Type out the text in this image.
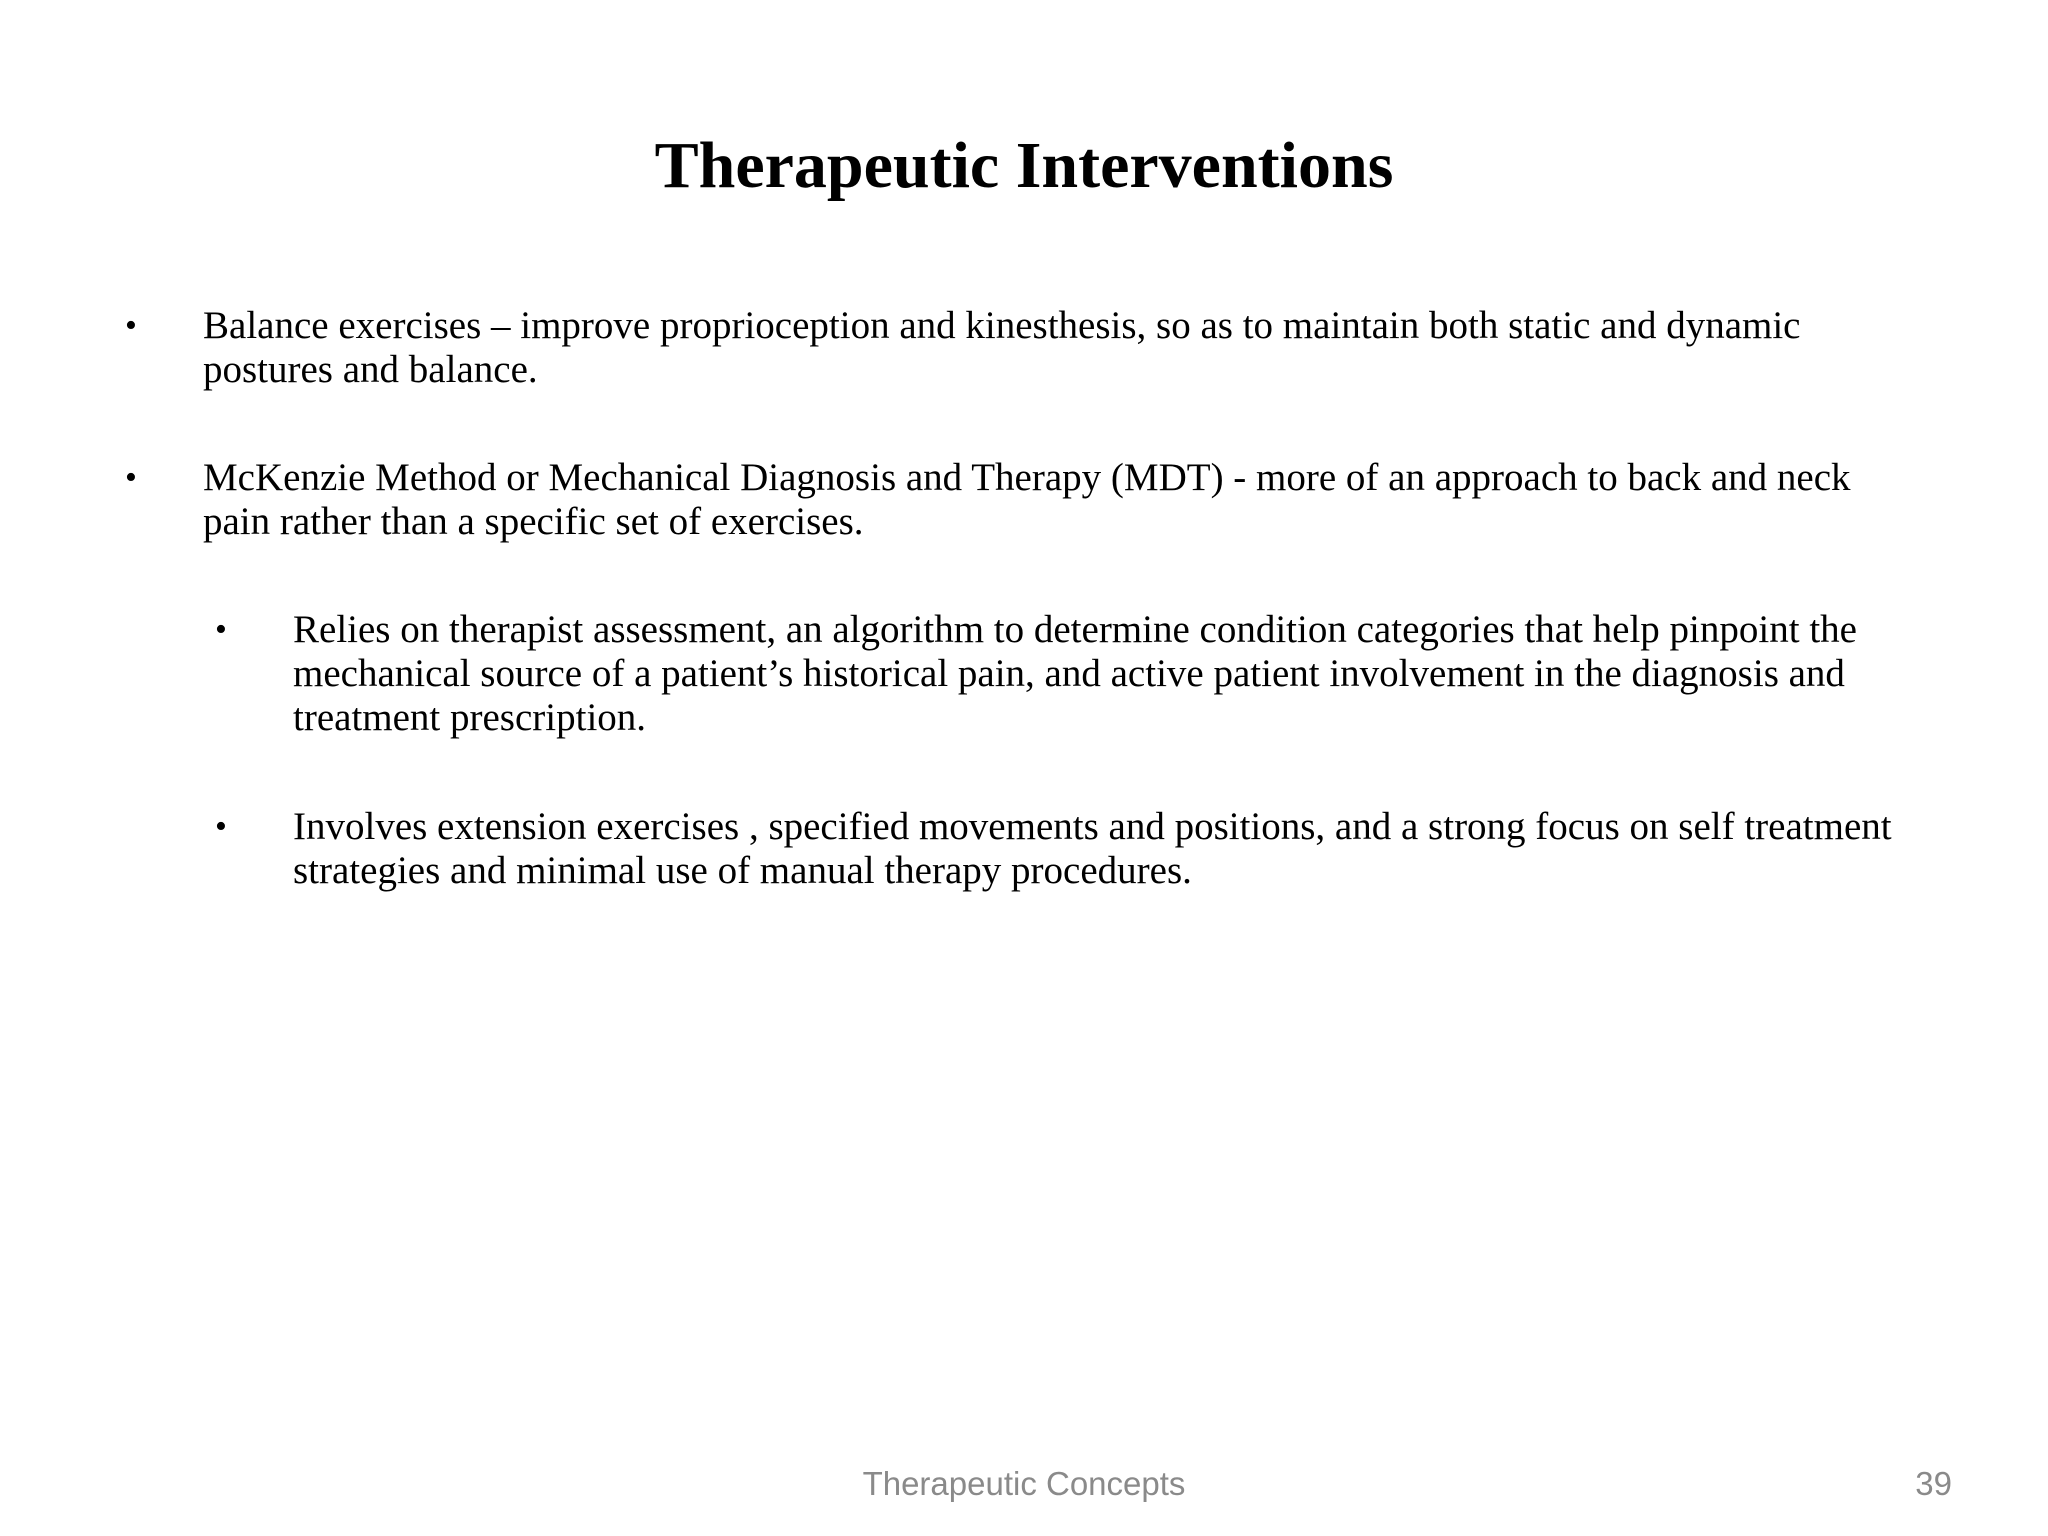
Therapeutic Interventions

• Balance exercises – improve proprioception and kinesthesis, so as to maintain both static and dynamic postures and balance.

• McKenzie Method or Mechanical Diagnosis and Therapy (MDT) - more of an approach to back and neck pain rather than a specific set of exercises.

• Relies on therapist assessment, an algorithm to determine condition categories that help pinpoint the mechanical source of a patient’s historical pain, and active patient involvement in the diagnosis and treatment prescription.

• Involves extension exercises , specified movements and positions, and a strong focus on self treatment strategies and minimal use of manual therapy procedures.

Therapeutic Concepts	39
